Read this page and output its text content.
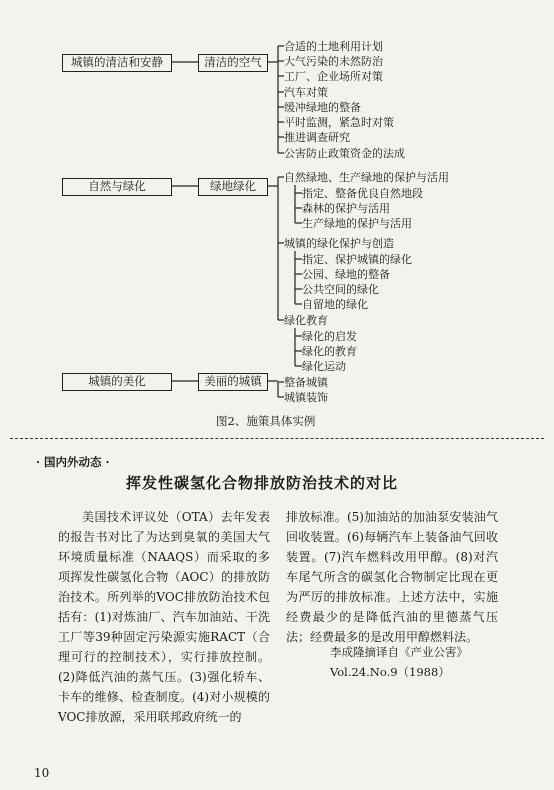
城镇的清洁和安静	清洁的空气
自然与绿化	绿地绿化
城镇的美化	美丽的城镇
合适的土地利用计划
大气污染的未然防治
工厂、企业场所对策
汽车对策
缓冲绿地的整备
平时监测，紧急时对策
推进调查研究
公害防止政策资金的法成
自然绿地、生产绿地的保护与活用
指定、整备优良自然地段
森林的保护与活用
生产绿地的保护与活用
城镇的绿化保护与创造
指定、保护城镇的绿化
公园、绿地的整备
公共空间的绿化
自留地的绿化
绿化教育
绿化的启发
绿化的教育
绿化运动
整备城镇
城镇装饰
图2、施策具体实例
· 国内外动态 ·
挥发性碳氢化合物排放防治技术的对比

美国技术评议处（OTA）去年发表的报告书对比了为达到臭氧的美国大气环境质量标准（NAAQS）而采取的多项挥发性碳氢化合物（AOC）的排放防治技术。所列举的VOC排放防治技术包括有：(1)对炼油厂、汽车加油站、干洗工厂等39种固定污染源实施RACT（合理可行的控制技术），实行排放控制。(2)降低汽油的蒸气压。(3)强化轿车、卡车的维修、检查制度。(4)对小规模的VOC排放源，采用联邦政府统一的

排放标准。(5)加油站的加油泵安装油气回收装置。(6)每辆汽车上装备油气回收装置。(7)汽车燃料改用甲醇。(8)对汽车尾气所含的碳氢化合物制定比现在更为严厉的排放标准。上述方法中，实施经费最少的是降低汽油的里德蒸气压法；经费最多的是改用甲醇燃料法。

李成隆摘译自《产业公害》
Vol.24.No.9（1988）
10
